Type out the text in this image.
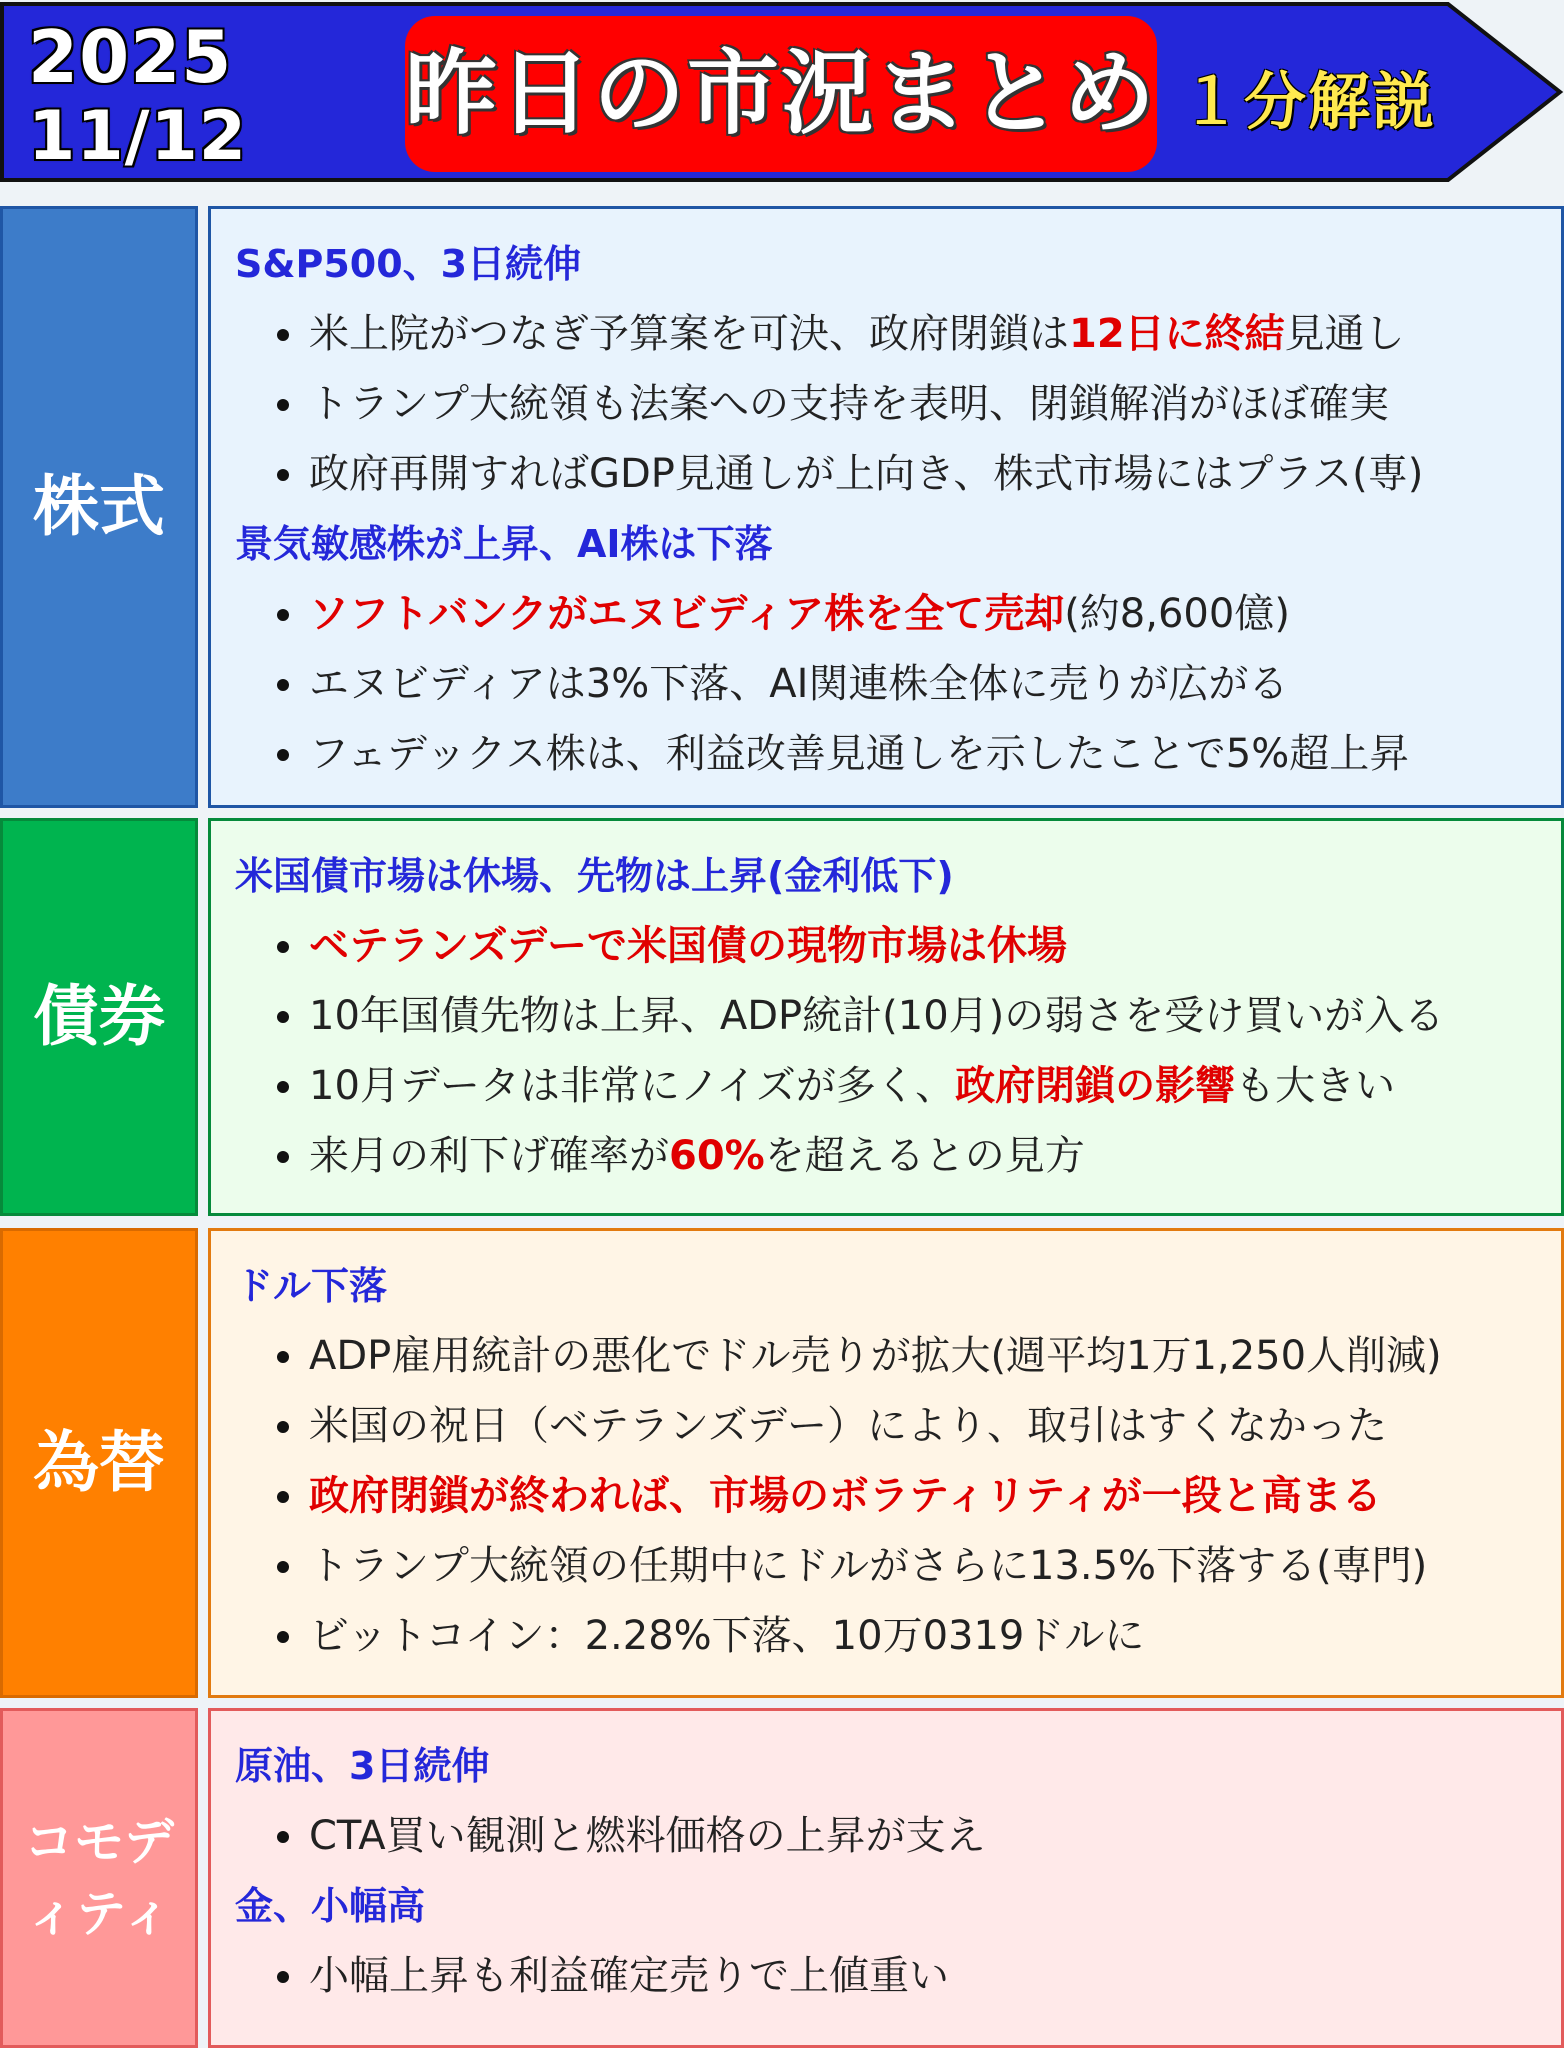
2025
11/12 昨日の市況まとめ １分解説
株式
S&P500、3日続伸
米上院がつなぎ予算案を可決、政府閉鎖は12日に終結見通し
トランプ大統領も法案への支持を表明、閉鎖解消がほぼ確実
政府再開すればGDP見通しが上向き、株式市場にはプラス(専)
景気敏感株が上昇、AI株は下落
ソフトバンクがエヌビディア株を全て売却(約8,600億)
エヌビディアは3%下落、AI関連株全体に売りが広がる
フェデックス株は、利益改善見通しを示したことで5%超上昇
債券
米国債市場は休場、先物は上昇(金利低下)
ベテランズデーで米国債の現物市場は休場
10年国債先物は上昇、ADP統計(10月)の弱さを受け買いが入る
10月データは非常にノイズが多く、政府閉鎖の影響も大きい
来月の利下げ確率が60%を超えるとの見方
為替
ドル下落
ADP雇用統計の悪化でドル売りが拡大(週平均1万1,250人削減)
米国の祝日（ベテランズデー）により、取引はすくなかった
政府閉鎖が終われば、市場のボラティリティが一段と高まる
トランプ大統領の任期中にドルがさらに13.5%下落する(専門)
ビットコイン：2.28%下落、10万0319ドルに
コモデ
ィティ
原油、3日続伸
CTA買い観測と燃料価格の上昇が支え
金、小幅高
小幅上昇も利益確定売りで上値重い
